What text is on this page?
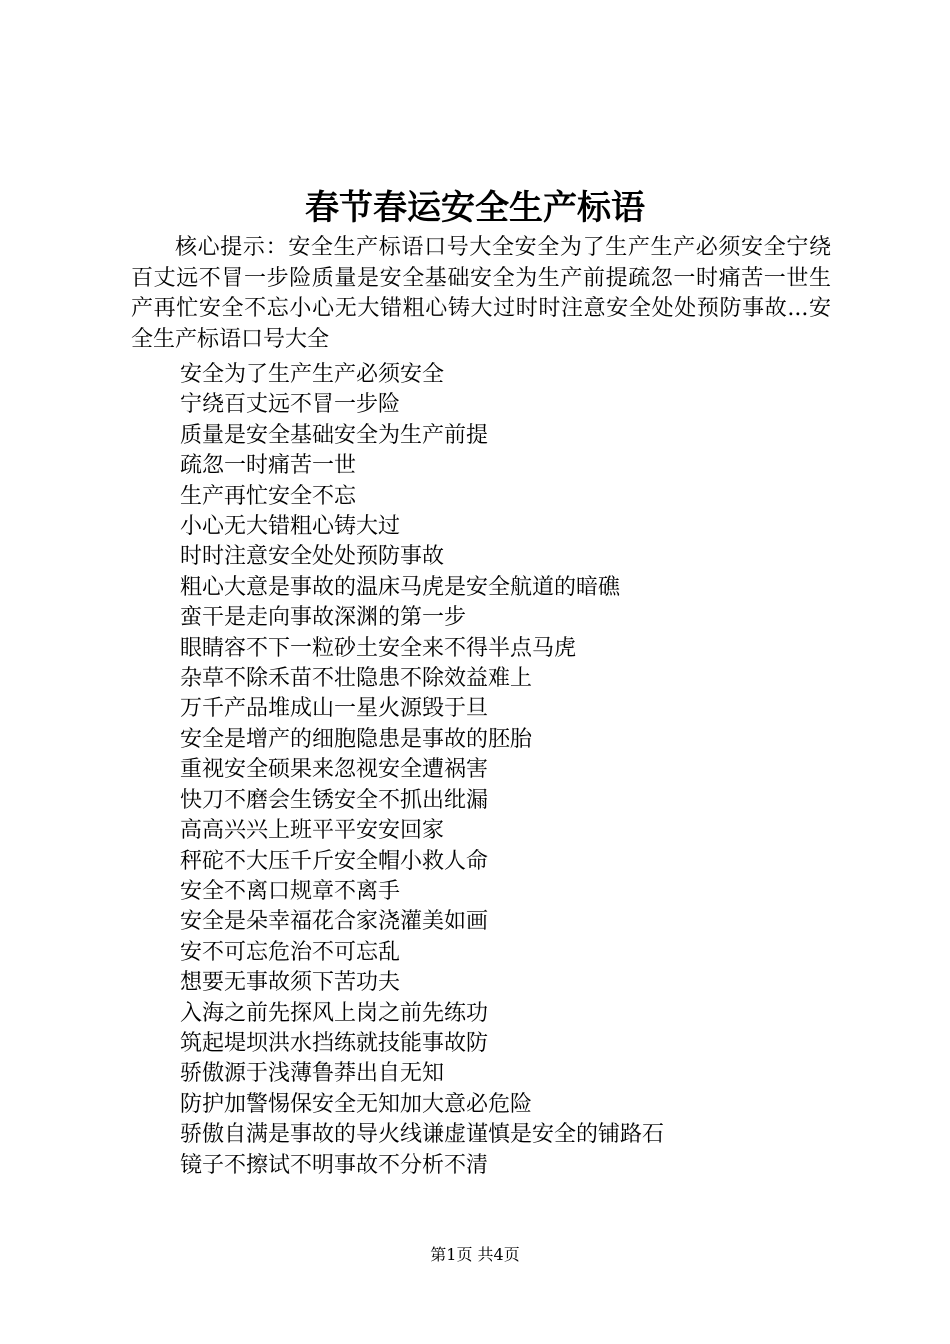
春节春运安全生产标语

核心提示：安全生产标语口号大全安全为了生产生产必须安全宁绕百丈远不冒一步险质量是安全基础安全为生产前提疏忽一时痛苦一世生产再忙安全不忘小心无大错粗心铸大过时时注意安全处处预防事故...安全生产标语口号大全

安全为了生产生产必须安全
宁绕百丈远不冒一步险
质量是安全基础安全为生产前提
疏忽一时痛苦一世
生产再忙安全不忘
小心无大错粗心铸大过
时时注意安全处处预防事故
粗心大意是事故的温床马虎是安全航道的暗礁
蛮干是走向事故深渊的第一步
眼睛容不下一粒砂土安全来不得半点马虎
杂草不除禾苗不壮隐患不除效益难上
万千产品堆成山一星火源毁于旦
安全是增产的细胞隐患是事故的胚胎
重视安全硕果来忽视安全遭祸害
快刀不磨会生锈安全不抓出纰漏
高高兴兴上班平平安安回家
秤砣不大压千斤安全帽小救人命
安全不离口规章不离手
安全是朵幸福花合家浇灌美如画
安不可忘危治不可忘乱
想要无事故须下苦功夫
入海之前先探风上岗之前先练功
筑起堤坝洪水挡练就技能事故防
骄傲源于浅薄鲁莽出自无知
防护加警惕保安全无知加大意必危险
骄傲自满是事故的导火线谦虚谨慎是安全的铺路石
镜子不擦试不明事故不分析不清
第1页 共4页
